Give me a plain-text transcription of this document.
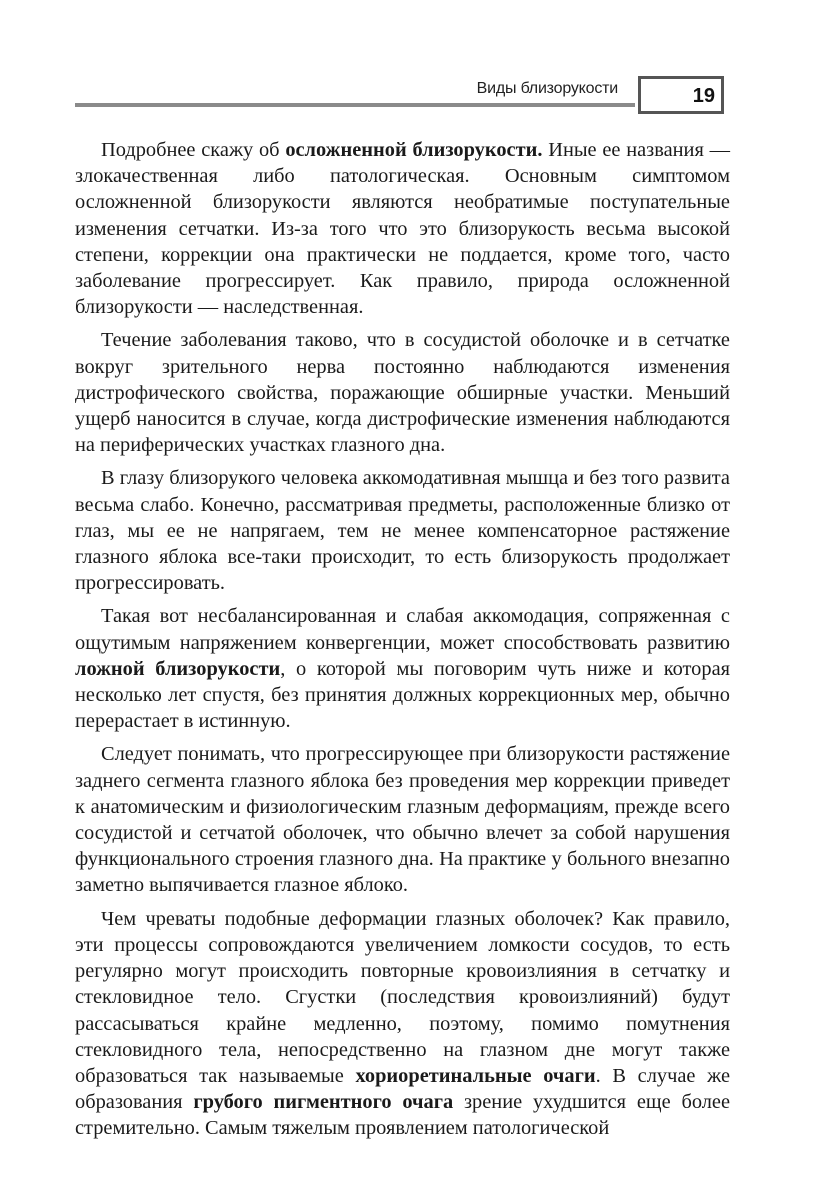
Виды близорукости	19

Подробнее скажу об осложненной близорукости. Иные ее названия — злокачественная либо патологическая. Основным симптомом осложненной близорукости являются необратимые поступательные изменения сетчатки. Из-за того что это близорукость весьма высокой степени, коррекции она практически не поддается, кроме того, часто заболевание прогрессирует. Как правило, природа осложненной близорукости — наследственная.

Течение заболевания таково, что в сосудистой оболочке и в сетчатке вокруг зрительного нерва постоянно наблюдаются изменения дистрофического свойства, поражающие обширные участки. Меньший ущерб наносится в случае, когда дистрофические изменения наблюдаются на периферических участках глазного дна.

В глазу близорукого человека аккомодативная мышца и без того развита весьма слабо. Конечно, рассматривая предметы, расположенные близко от глаз, мы ее не напрягаем, тем не менее компенсаторное растяжение глазного яблока все-таки происходит, то есть близорукость продолжает прогрессировать.

Такая вот несбалансированная и слабая аккомодация, сопряженная с ощутимым напряжением конвергенции, может способствовать развитию ложной близорукости, о которой мы поговорим чуть ниже и которая несколько лет спустя, без принятия должных коррекционных мер, обычно перерастает в истинную.

Следует понимать, что прогрессирующее при близорукости растяжение заднего сегмента глазного яблока без проведения мер коррекции приведет к анатомическим и физиологическим глазным деформациям, прежде всего сосудистой и сетчатой оболочек, что обычно влечет за собой нарушения функционального строения глазного дна. На практике у больного внезапно заметно выпячивается глазное яблоко.

Чем чреваты подобные деформации глазных оболочек? Как правило, эти процессы сопровождаются увеличением ломкости сосудов, то есть регулярно могут происходить повторные кровоизлияния в сетчатку и стекловидное тело. Сгустки (последствия кровоизлияний) будут рассасываться крайне медленно, поэтому, помимо помутнения стекловидного тела, непосредственно на глазном дне могут также образоваться так называемые хориоретинальные очаги. В случае же образования грубого пигментного очага зрение ухудшится еще более стремительно. Самым тяжелым проявлением патологической
